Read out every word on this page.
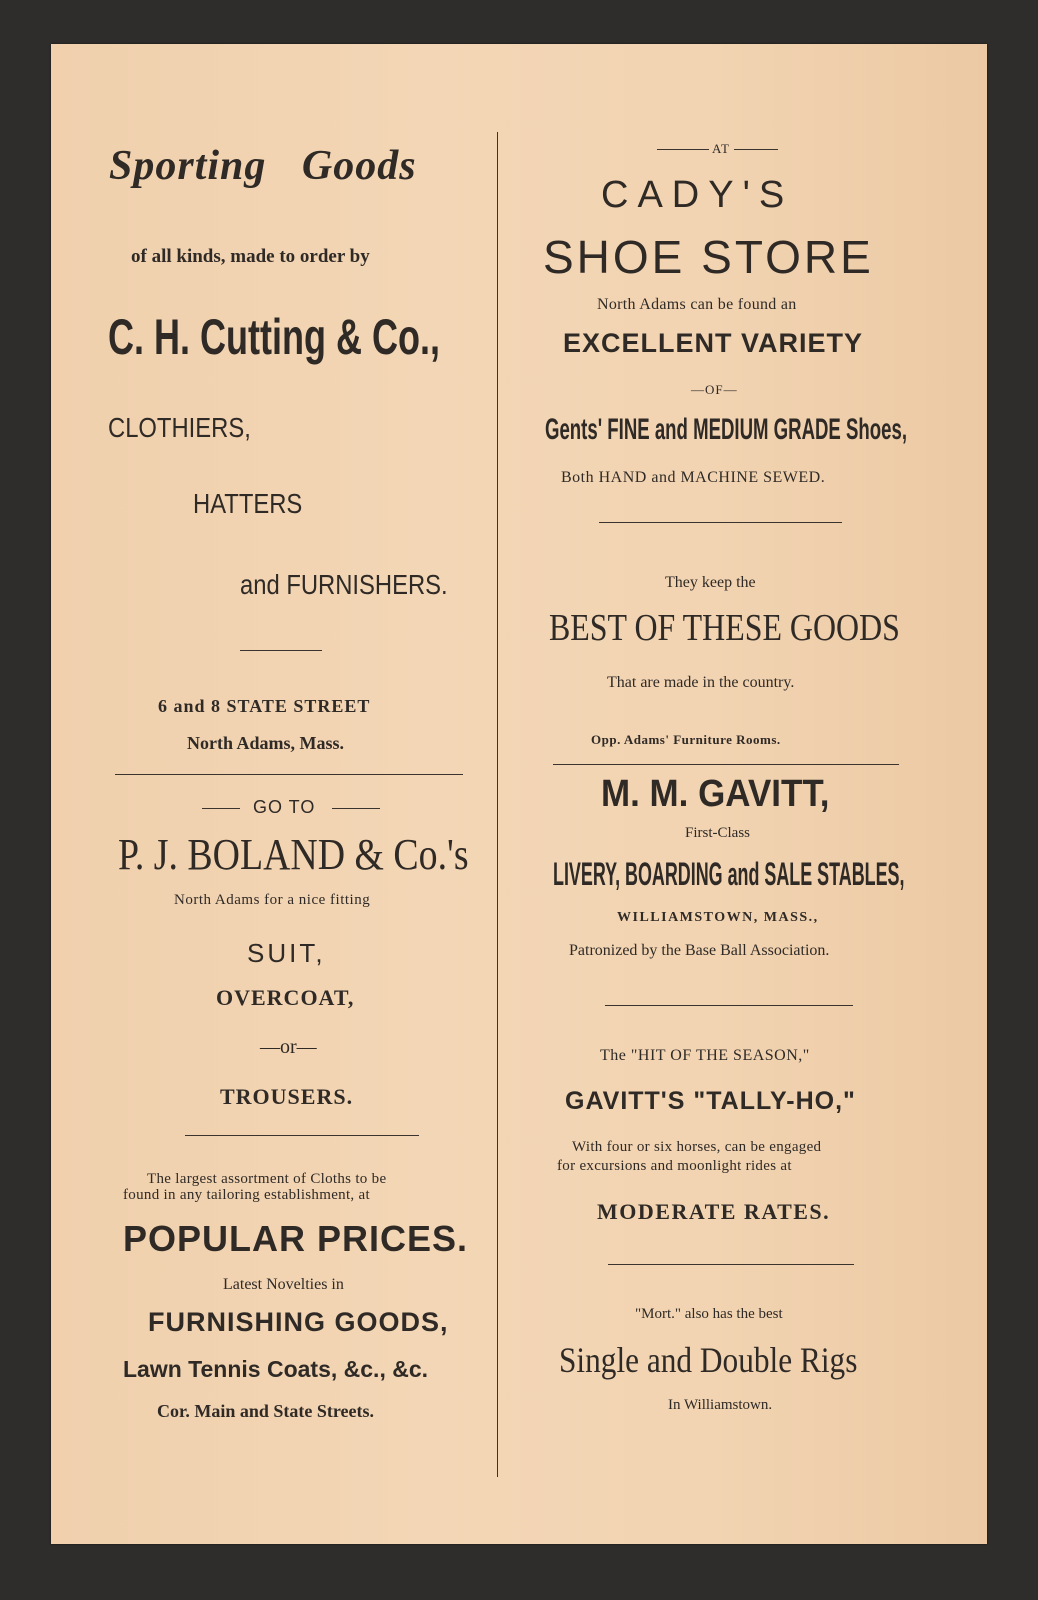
Sporting Goods
of all kinds, made to order by
C. H. Cutting & Co.,
CLOTHIERS,
HATTERS
and FURNISHERS.
6 and 8 STATE STREET
North Adams, Mass.
GO TO
P. J. BOLAND & Co.'s
North Adams for a nice fitting
SUIT,
OVERCOAT,
—or—
TROUSERS.
The largest assortment of Cloths to be
found in any tailoring establishment, at
POPULAR PRICES.
Latest Novelties in
FURNISHING GOODS,
Lawn Tennis Coats, &c., &c.
Cor. Main and State Streets.
AT
CADY'S
SHOE STORE
North Adams can be found an
EXCELLENT VARIETY
—OF—
Gents' FINE and MEDIUM GRADE Shoes,
Both HAND and MACHINE SEWED.
They keep the
BEST OF THESE GOODS
That are made in the country.
Opp. Adams' Furniture Rooms.
M. M. GAVITT,
First-Class
LIVERY, BOARDING and SALE STABLES,
WILLIAMSTOWN, MASS.,
Patronized by the Base Ball Association.
The "HIT OF THE SEASON,"
GAVITT'S "TALLY-HO,"
With four or six horses, can be engaged
for excursions and moonlight rides at
MODERATE RATES.
"Mort." also has the best
Single and Double Rigs
In Williamstown.
